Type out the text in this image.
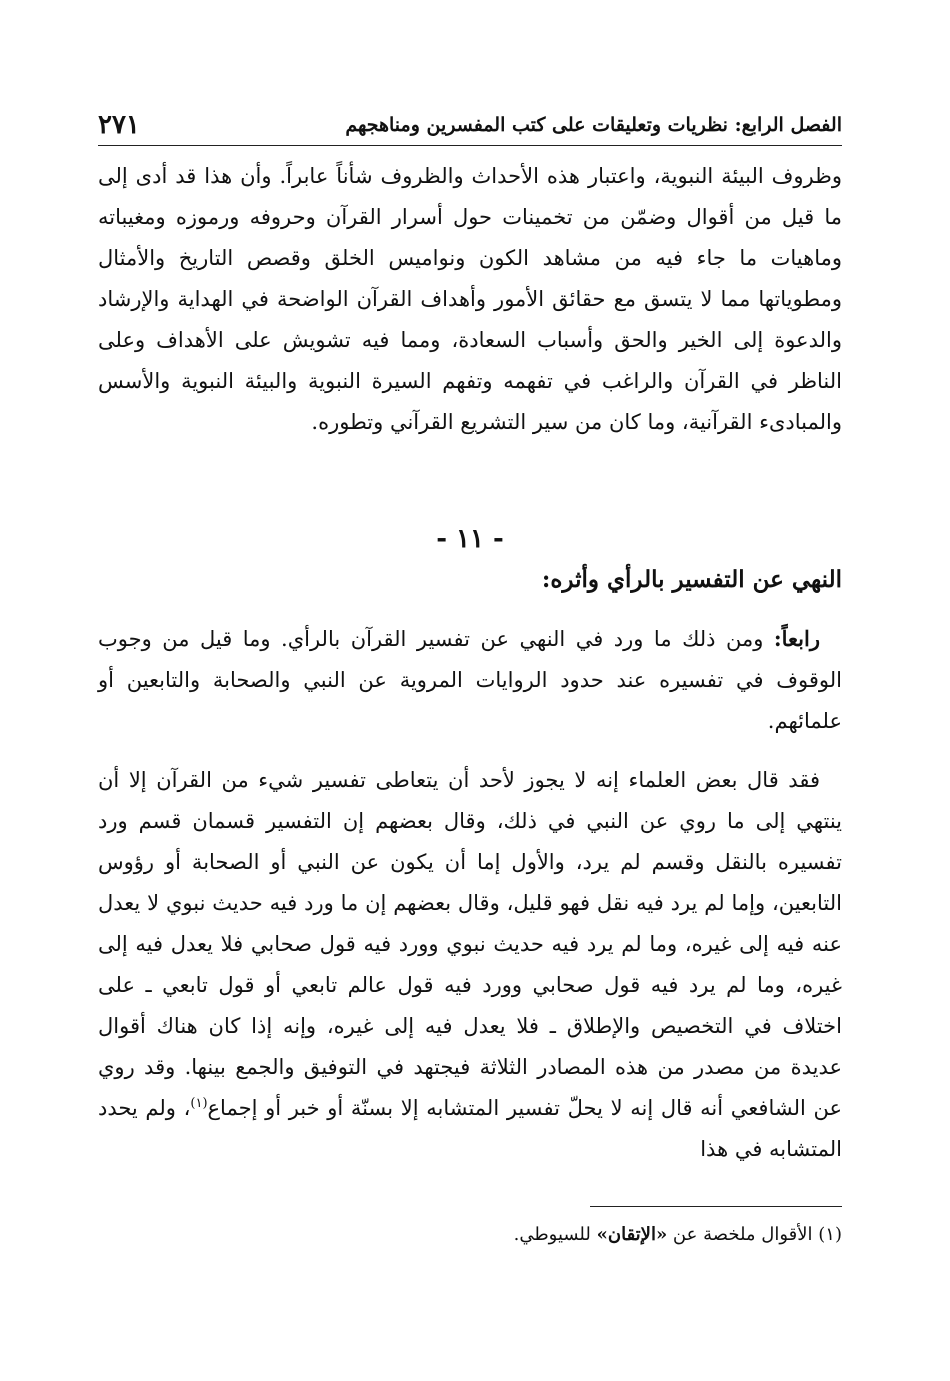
الفصل الرابع: نظريات وتعليقات على كتب المفسرين ومناهجهم
٢٧١

وظروف البيئة النبوية، واعتبار هذه الأحداث والظروف شأناً عابراً. وأن هذا قد أدى إلى ما قيل من أقوال وضمّن من تخمينات حول أسرار القرآن وحروفه ورموزه ومغيباته وماهيات ما جاء فيه من مشاهد الكون ونواميس الخلق وقصص التاريخ والأمثال ومطوياتها مما لا يتسق مع حقائق الأمور وأهداف القرآن الواضحة في الهداية والإرشاد والدعوة إلى الخير والحق وأسباب السعادة، ومما فيه تشويش على الأهداف وعلى الناظر في القرآن والراغب في تفهمه وتفهم السيرة النبوية والبيئة النبوية والأسس والمبادىء القرآنية، وما كان من سير التشريع القرآني وتطوره.

- ١١ -
النهي عن التفسير بالرأي وأثره:

رابعاً: ومن ذلك ما ورد في النهي عن تفسير القرآن بالرأي. وما قيل من وجوب الوقوف في تفسيره عند حدود الروايات المروية عن النبي والصحابة والتابعين أو علمائهم.

فقد قال بعض العلماء إنه لا يجوز لأحد أن يتعاطى تفسير شيء من القرآن إلا أن ينتهي إلى ما روي عن النبي في ذلك، وقال بعضهم إن التفسير قسمان قسم ورد تفسيره بالنقل وقسم لم يرد، والأول إما أن يكون عن النبي أو الصحابة أو رؤوس التابعين، وإما لم يرد فيه نقل فهو قليل، وقال بعضهم إن ما ورد فيه حديث نبوي لا يعدل عنه فيه إلى غيره، وما لم يرد فيه حديث نبوي وورد فيه قول صحابي فلا يعدل فيه إلى غيره، وما لم يرد فيه قول صحابي وورد فيه قول عالم تابعي أو قول تابعي ـ على اختلاف في التخصيص والإطلاق ـ فلا يعدل فيه إلى غيره، وإنه إذا كان هناك أقوال عديدة من مصدر من هذه المصادر الثلاثة فيجتهد في التوفيق والجمع بينها. وقد روي عن الشافعي أنه قال إنه لا يحلّ تفسير المتشابه إلا بسنّة أو خبر أو إجماع$^{(١)}$، ولم يحدد المتشابه في هذا

(١) الأقوال ملخصة عن «الإتقان» للسيوطي.
